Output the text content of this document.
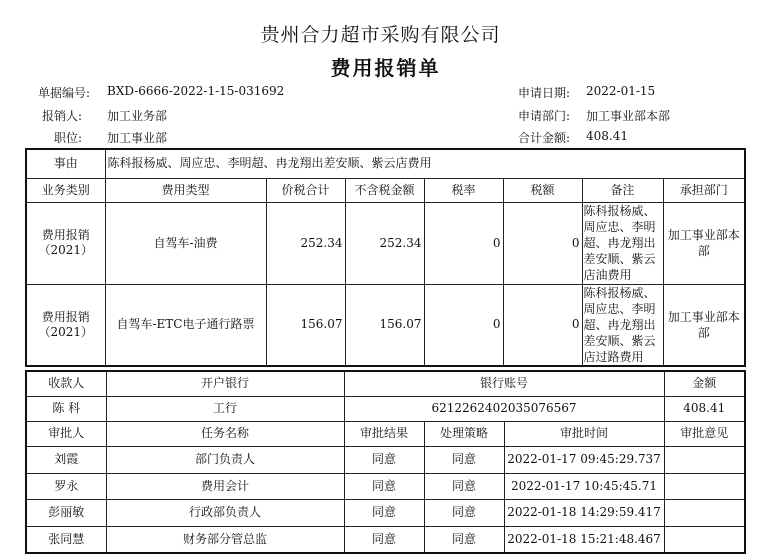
贵州合力超市采购有限公司
费用报销单
单据编号: BXD-6666-2022-1-15-031692
报销人: 加工业务部
职位: 加工事业部
申请日期: 2022-01-15
申请部门: 加工事业部本部
合计金额: 408.41
事由	陈科报杨威、周应忠、李明超、冉龙翔出差安顺、紫云店费用						
业务类别	费用类型	价税合计	不含税金额	税率	税额	备注	承担部门
费用报销（2021）	自驾车-油费	252.34	252.34	0	0	陈科报杨威、周应忠、李明超、冉龙翔出差安顺、紫云店油费用	加工事业部本部
费用报销（2021）	自驾车-ETC电子通行路票	156.07	156.07	0	0	陈科报杨威、周应忠、李明超、冉龙翔出差安顺、紫云店过路费用	加工事业部本部
收款人	开户银行	银行账号			金额
陈 科	工行	6212262402035076567			408.41
审批人	任务名称	审批结果	处理策略	审批时间	审批意见
刘霞	部门负责人	同意	同意	2022-01-17 09:45:29.737	
罗永	费用会计	同意	同意	2022-01-17 10:45:45.71	
彭丽敏	行政部负责人	同意	同意	2022-01-18 14:29:59.417	
张同慧	财务部分管总监	同意	同意	2022-01-18 15:21:48.467	
